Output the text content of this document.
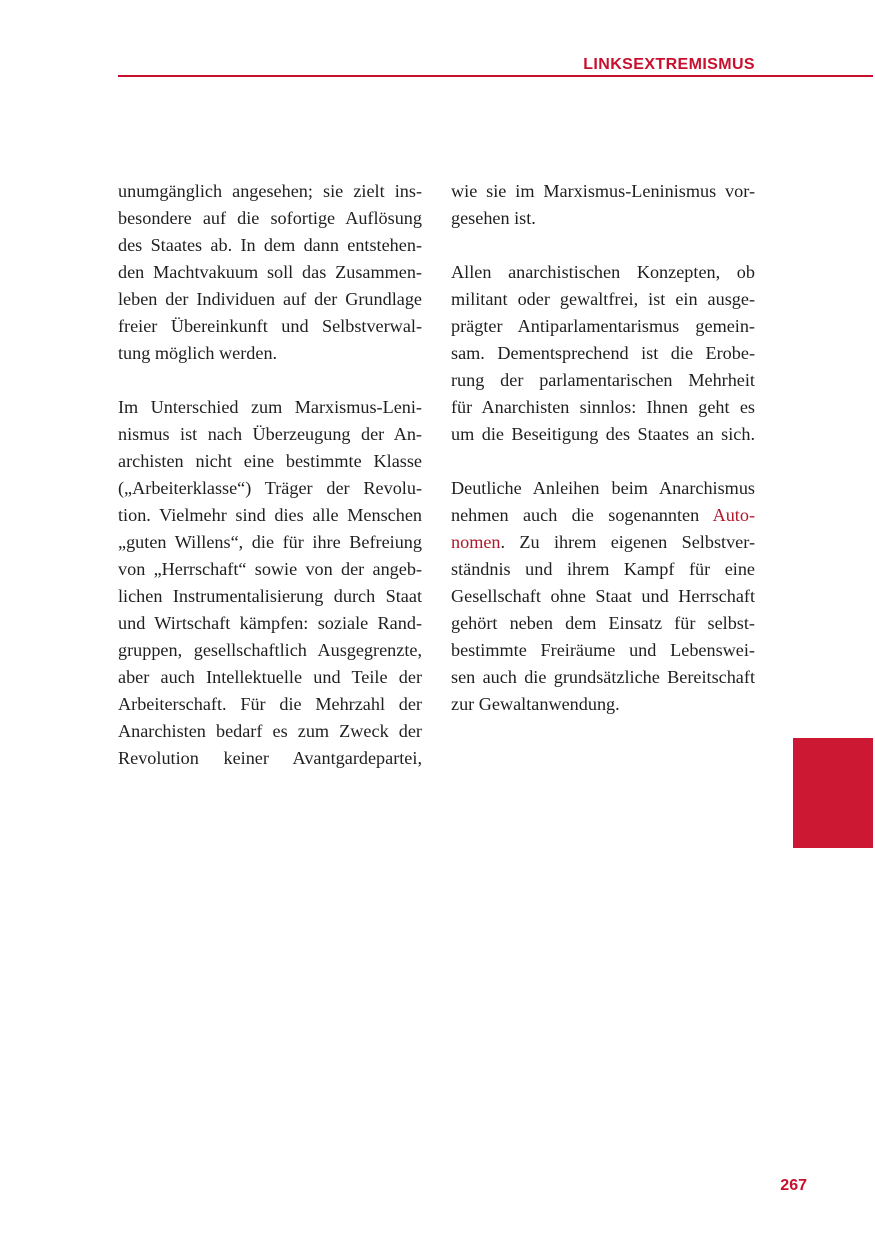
LINKSEXTREMISMUS
unumgänglich angesehen; sie zielt ins-
besondere auf die sofortige Auflösung
des Staates ab. In dem dann entstehen-
den Machtvakuum soll das Zusammen-
leben der Individuen auf der Grundlage
freier Übereinkunft und Selbstverwal-
tung möglich werden.
Im Unterschied zum Marxismus-Leni-
nismus ist nach Überzeugung der An-
archisten nicht eine bestimmte Klasse
(„Arbeiterklasse“) Träger der Revolu-
tion. Vielmehr sind dies alle Menschen
„guten Willens“, die für ihre Befreiung
von „Herrschaft“ sowie von der angeb-
lichen Instrumentalisierung durch Staat
und Wirtschaft kämpfen: soziale Rand-
gruppen, gesellschaftlich Ausgegrenzte,
aber auch Intellektuelle und Teile der
Arbeiterschaft. Für die Mehrzahl der
Anarchisten bedarf es zum Zweck der
Revolution keiner Avantgardepartei,
wie sie im Marxismus-Leninismus vor-
gesehen ist.
Allen anarchistischen Konzepten, ob
militant oder gewaltfrei, ist ein ausge-
prägter Antiparlamentarismus gemein-
sam. Dementsprechend ist die Erobe-
rung der parlamentarischen Mehrheit
für Anarchisten sinnlos: Ihnen geht es
um die Beseitigung des Staates an sich.
Deutliche Anleihen beim Anarchismus
nehmen auch die sogenannten Auto-
nomen. Zu ihrem eigenen Selbstver-
ständnis und ihrem Kampf für eine
Gesellschaft ohne Staat und Herrschaft
gehört neben dem Einsatz für selbst-
bestimmte Freiräume und Lebenswei-
sen auch die grundsätzliche Bereitschaft
zur Gewaltanwendung.
267
